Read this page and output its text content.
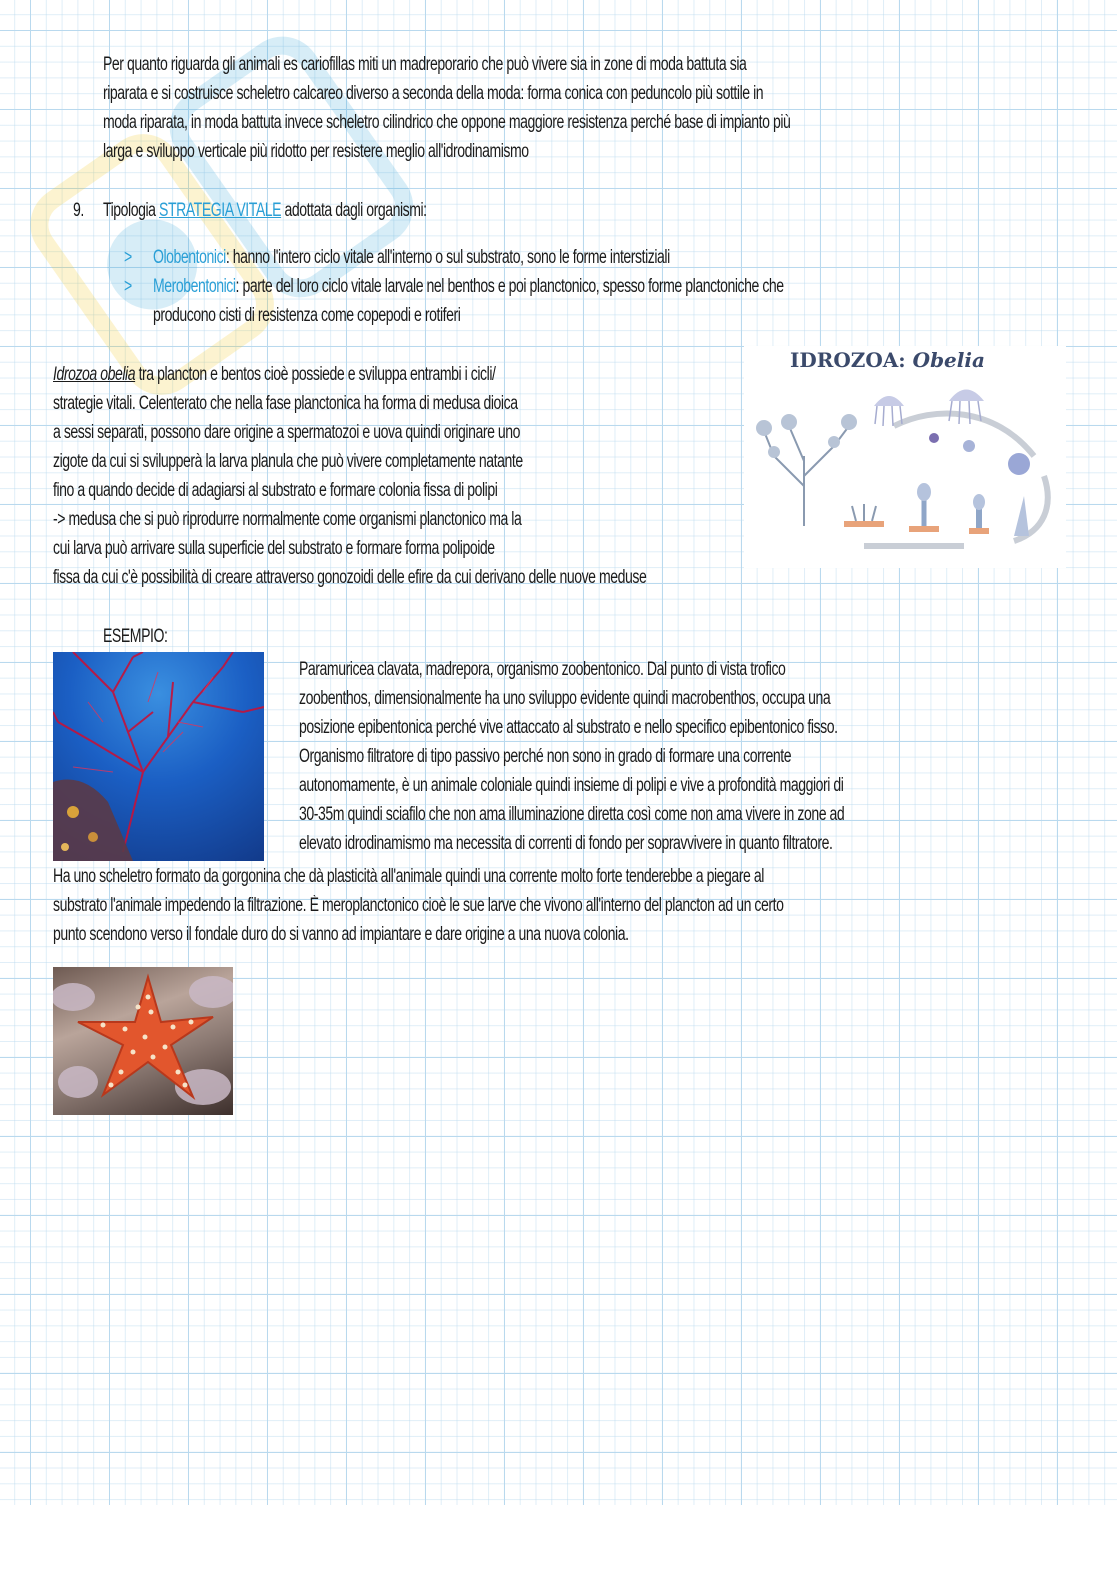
Per quanto riguarda gli animali es cariofillas miti un madreporario che può vivere sia in zone di moda battuta sia

riparata e si costruisce scheletro calcareo diverso a seconda della moda: forma conica con peduncolo più sottile in

moda riparata, in moda battuta invece scheletro cilindrico che oppone maggiore resistenza perché base di impianto più

larga e sviluppo verticale più ridotto per resistere meglio all'idrodinamismo

9. Tipologia STRATEGIA VITALE adottata dagli organismi:

> Olobentonici: hanno l'intero ciclo vitale all'interno o sul substrato, sono le forme interstiziali

> Merobentonici: parte del loro ciclo vitale larvale nel benthos e poi planctonico, spesso forme planctoniche che

producono cisti di resistenza come copepodi e rotiferi

Idrozoa obelia tra plancton e bentos cioè possiede e sviluppa entrambi i cicli/

strategie vitali. Celenterato che nella fase planctonica ha forma di medusa dioica

a sessi separati, possono dare origine a spermatozoi e uova quindi originare uno

zigote da cui si svilupperà la larva planula che può vivere completamente natante

fino a quando decide di adagiarsi al substrato e formare colonia fissa di polipi

-> medusa che si può riprodurre normalmente come organismi planctonico ma la

cui larva può arrivare sulla superficie del substrato e formare forma polipoide

fissa da cui c'è possibilità di creare attraverso gonozoidi delle efire da cui derivano delle nuove meduse

IDROZOA: Obelia

ESEMPIO:

Paramuricea clavata, madrepora, organismo zoobentonico. Dal punto di vista trofico

zoobenthos, dimensionalmente ha uno sviluppo evidente quindi macrobenthos, occupa una

posizione epibentonica perché vive attaccato al substrato e nello specifico epibentonico fisso.

Organismo filtratore di tipo passivo perché non sono in grado di formare una corrente

autonomamente, è un animale coloniale quindi insieme di polipi e vive a profondità maggiori di

30-35m quindi sciafilo che non ama illuminazione diretta così come non ama vivere in zone ad

elevato idrodinamismo ma necessita di correnti di fondo per sopravvivere in quanto filtratore.

Ha uno scheletro formato da gorgonina che dà plasticità all'animale quindi una corrente molto forte tenderebbe a piegare al

substrato l'animale impedendo la filtrazione. È meroplanctonico cioè le sue larve che vivono all'interno del plancton ad un certo

punto scendono verso il fondale duro do si vanno ad impiantare e dare origine a una nuova colonia.
